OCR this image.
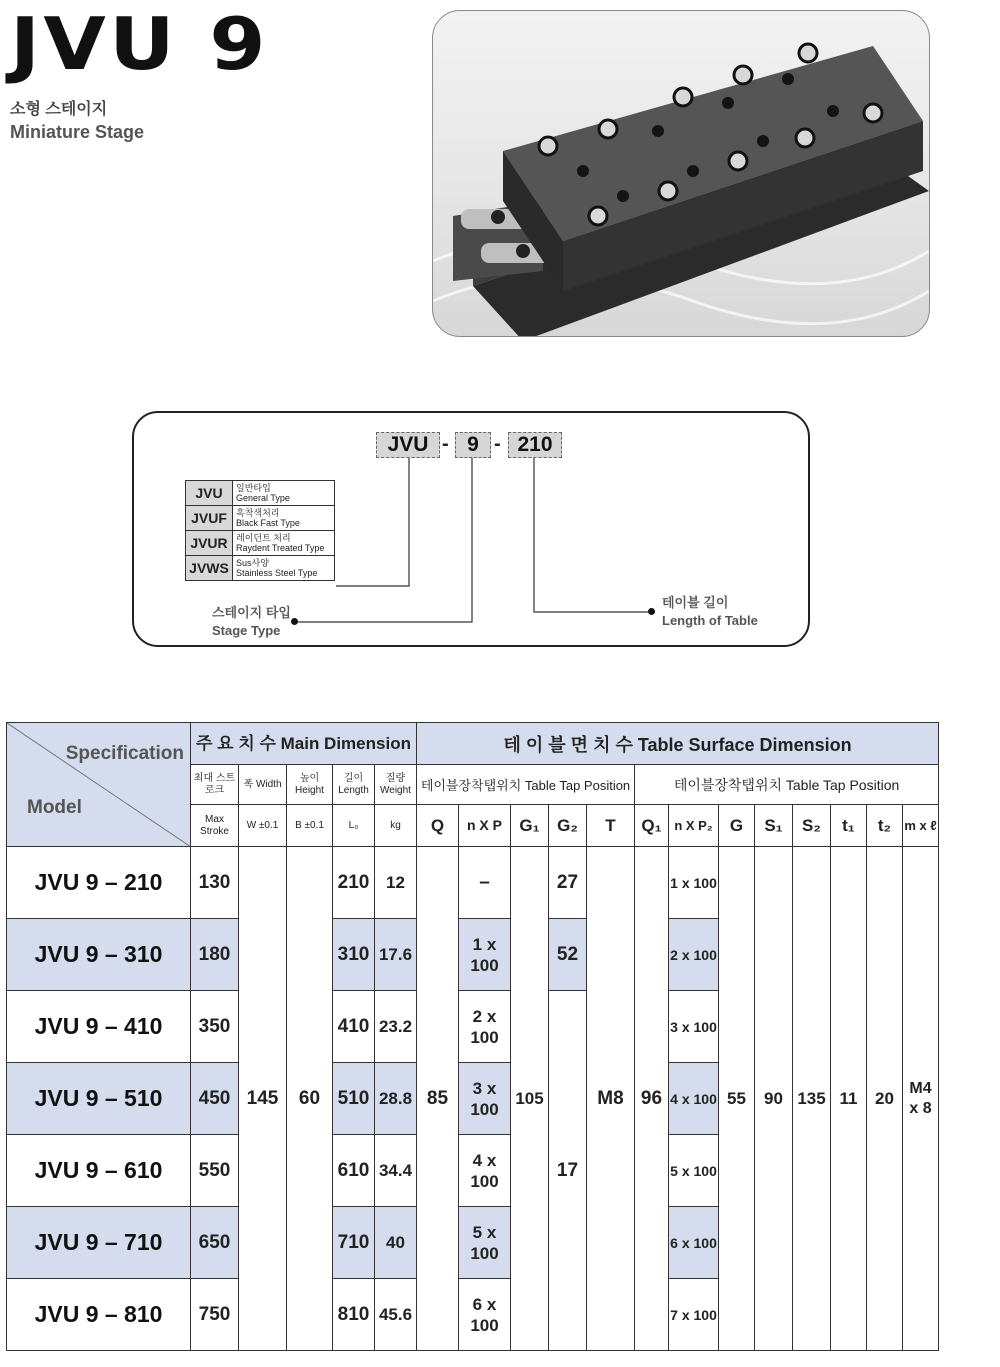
JVU 9
소형 스테이지
Miniature Stage
JVU - 9 - 210
JVU	일반타입
General Type
JVUF	흑착색처리
Black Fast Type
JVUR	레이던트 처리
Raydent Treated Type
JVWS	Sus사양
Stainless Steel Type
스테이지 타입
Stage Type
테이블 길이
Length of Table
Specification
Model	주 요 치 수 Main Dimension					테 이 블 면 치 수 Table Surface Dimension												
	최대 스트로크	폭 Width	높이 Height	길이 Length	질량 Weight	테이블장착탭위치 Table Tap Position					테이블장착탭위치 Table Tap Position							
	Max Stroke	W ±0.1	B ±0.1	L₀	kg	Q	n X P	G₁	G₂	T	Q₁	n X P₂	G	S₁	S₂	t₁	t₂	m x ℓ
JVU 9 – 210	130	145	60	210	12	85	–	105	27	M8	96	1 x 100	55	90	135	11	20	M4 x 8
JVU 9 – 310	180			310	17.6		1 x 100		52			2 x 100						
JVU 9 – 410	350			410	23.2		2 x 100		17			3 x 100						
JVU 9 – 510	450			510	28.8		3 x 100					4 x 100						
JVU 9 – 610	550			610	34.4		4 x 100					5 x 100						
JVU 9 – 710	650			710	40		5 x 100					6 x 100						
JVU 9 – 810	750			810	45.6		6 x 100					7 x 100						
